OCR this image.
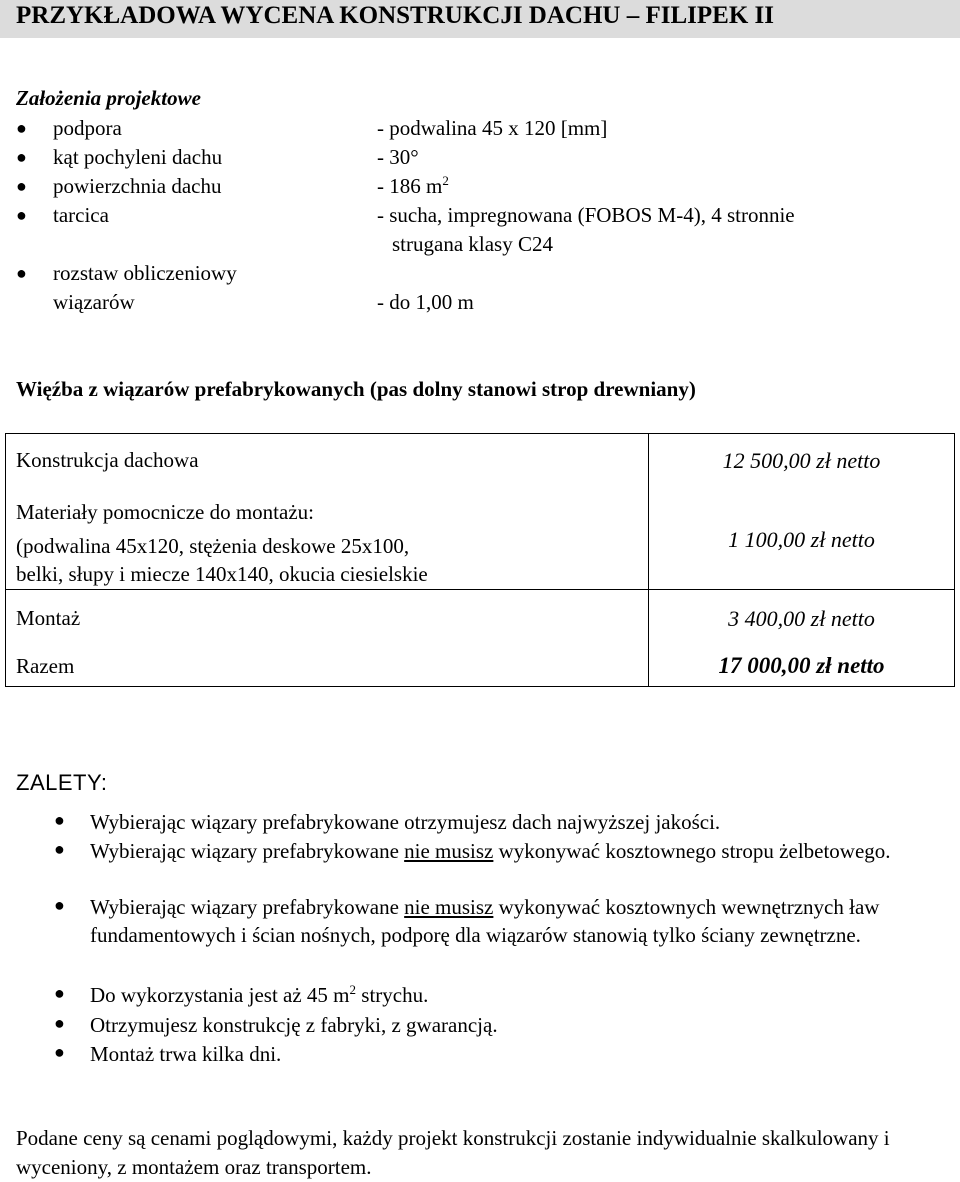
PRZYKŁADOWA WYCENA KONSTRUKCJI DACHU – FILIPEK II
Założenia projektowe
● podpora	- podwalina 45 x 120 [mm]
● kąt pochyleni dachu	- 30°
● powierzchnia dachu	- 186 $m^2$
● tarcica	- sucha, impregnowana (FOBOS M-4), 4 stronnie
strugana klasy C24
● rozstaw obliczeniowy
wiązarów	- do 1,00 m
Więźba z wiązarów prefabrykowanych (pas dolny stanowi strop drewniany)
Konstrukcja dachowa	12 500,00 zł netto
Materiały pomocnicze do montażu:
(podwalina 45x120, stężenia deskowe 25x100,
belki, słupy i miecze 140x140, okucia ciesielskie
1 100,00 zł netto
Montaż	3 400,00 zł netto
Razem	17 000,00 zł netto
ZALETY:
● Wybierając wiązary prefabrykowane otrzymujesz dach najwyższej jakości.
● Wybierając wiązary prefabrykowane nie musisz wykonywać kosztownego stropu żelbetowego.
● Wybierając wiązary prefabrykowane nie musisz wykonywać kosztownych wewnętrznych ław fundamentowych i ścian nośnych, podporę dla wiązarów stanowią tylko ściany zewnętrzne.
● Do wykorzystania jest aż 45 $m^2$ strychu.
● Otrzymujesz konstrukcję z fabryki, z gwarancją.
● Montaż trwa kilka dni.
Podane ceny są cenami poglądowymi, każdy projekt konstrukcji zostanie indywidualnie skalkulowany i wyceniony, z montażem oraz transportem.
